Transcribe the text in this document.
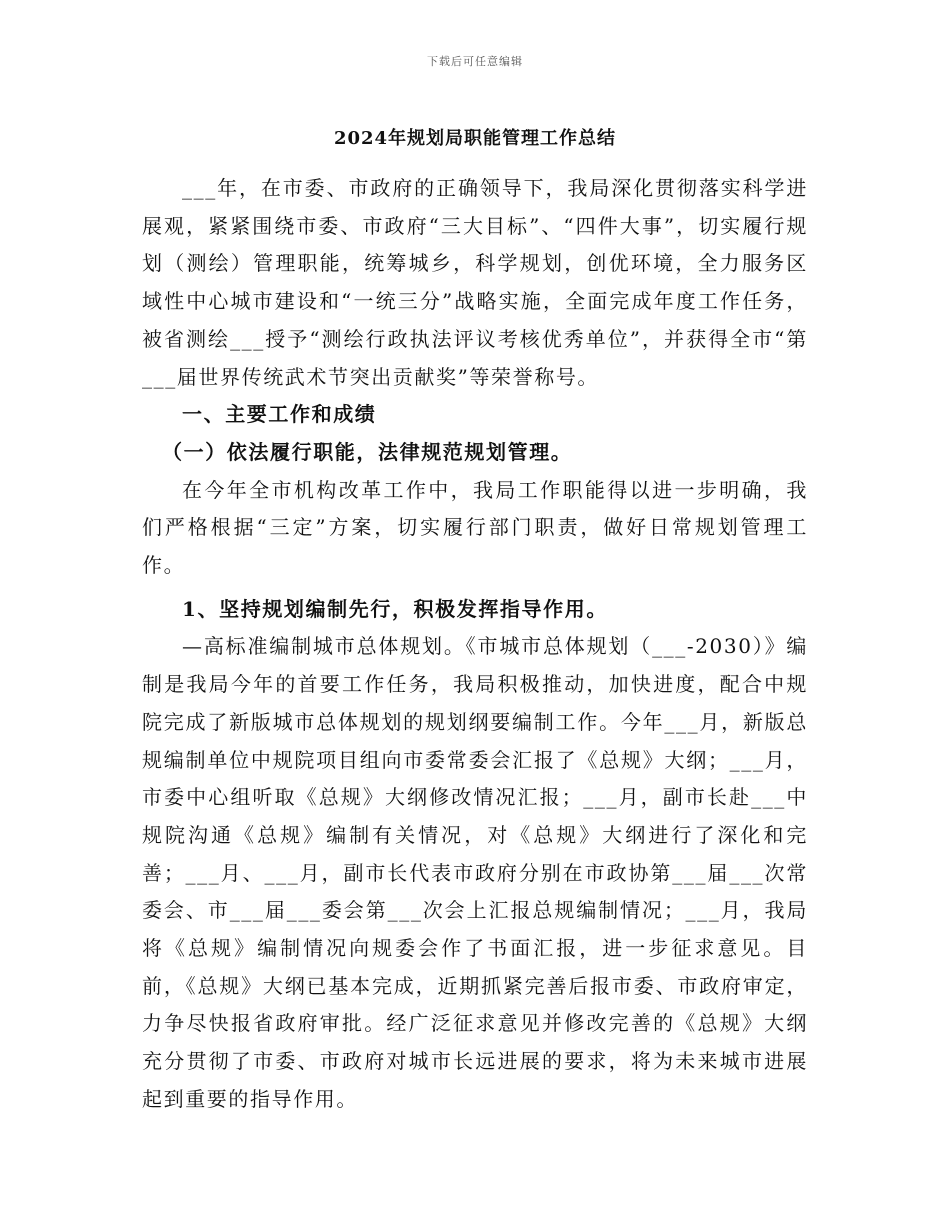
下载后可任意编辑
2024年规划局职能管理工作总结

___年，在市委、市政府的正确领导下，我局深化贯彻落实科学进展观，紧紧围绕市委、市政府“三大目标”、“四件大事”，切实履行规划（测绘）管理职能，统筹城乡，科学规划，创优环境，全力服务区域性中心城市建设和“一统三分”战略实施，全面完成年度工作任务，被省测绘___授予“测绘行政执法评议考核优秀单位”，并获得全市“第___届世界传统武术节突出贡献奖”等荣誉称号。

一、主要工作和成绩

（一）依法履行职能，法律规范规划管理。

在今年全市机构改革工作中，我局工作职能得以进一步明确，我们严格根据“三定”方案，切实履行部门职责，做好日常规划管理工作。

1、坚持规划编制先行，积极发挥指导作用。

—高标准编制城市总体规划。《市城市总体规划（___-2030）》编制是我局今年的首要工作任务，我局积极推动，加快进度，配合中规院完成了新版城市总体规划的规划纲要编制工作。今年___月，新版总规编制单位中规院项目组向市委常委会汇报了《总规》大纲；___月，市委中心组听取《总规》大纲修改情况汇报；___月，副市长赴___中规院沟通《总规》编制有关情况，对《总规》大纲进行了深化和完善；___月、___月，副市长代表市政府分别在市政协第___届___次常委会、市___届___委会第___次会上汇报总规编制情况；___月，我局将《总规》编制情况向规委会作了书面汇报，进一步征求意见。目前，《总规》大纲已基本完成，近期抓紧完善后报市委、市政府审定，力争尽快报省政府审批。经广泛征求意见并修改完善的《总规》大纲充分贯彻了市委、市政府对城市长远进展的要求，将为未来城市进展起到重要的指导作用。
